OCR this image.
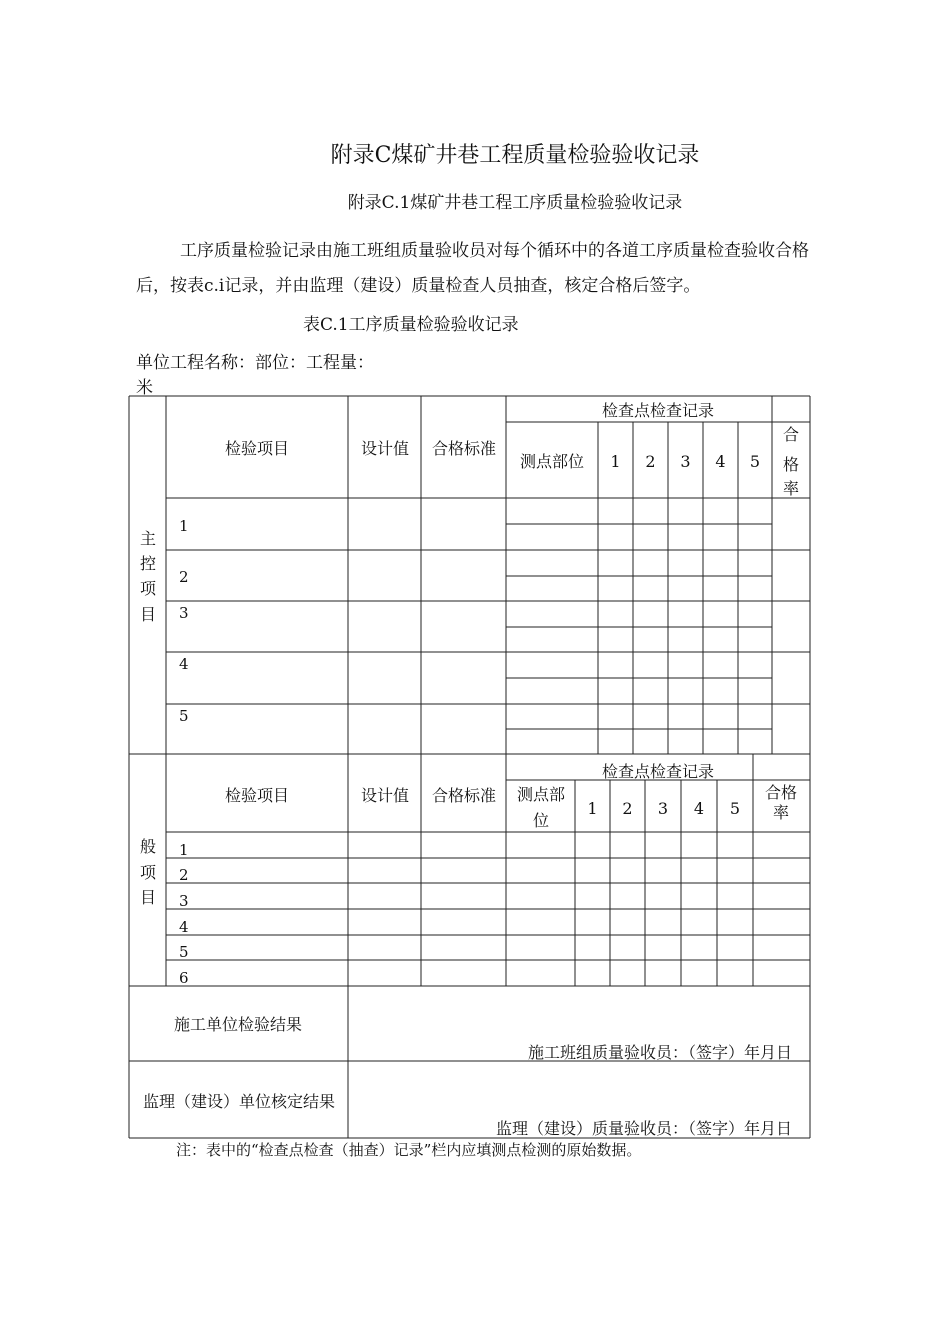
附录C煤矿井巷工程质量检验验收记录
附录C.1煤矿井巷工程工序质量检验验收记录
工序质量检验记录由施工班组质量验收员对每个循环中的各道工序质量检查验收合格
后，按表c.i记录，并由监理（建设）质量检查人员抽查，核定合格后签字。
表C.1工序质量检验验收记录
单位工程名称：部位：工程量：
米
检验项目	设计值 合格标准
检查点检查记录
测点部位 1 2 3 4 5
合
格
率
主
控
项
目
1
2
3
4
5
检验项目	设计值 合格标准
检查点检查记录
测点部
位
1 2 3 4 5
合格
率
般
项
目
1
2
3
4
5
6
施工单位检验结果
施工班组质量验收员：（签字）年月日
监理（建设）单位核定结果
监理（建设）质量验收员：（签字）年月日
注：表中的“检查点检查（抽查）记录”栏内应填测点检测的原始数据。
